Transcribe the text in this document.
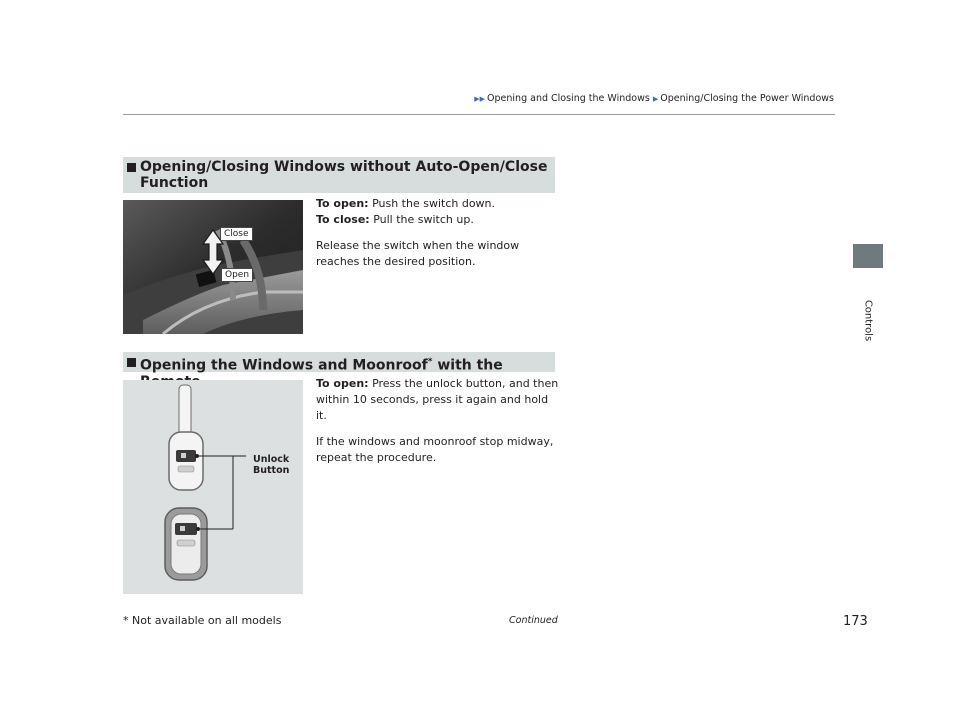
▶▶ Opening and Closing the Windows ▶ Opening/Closing the Power Windows
Controls
Opening/Closing Windows without Auto-Open/Close Function
Close
Open

To open: Push the switch down.

To close: Pull the switch up.

Release the switch when the window reaches the desired position.

Opening the Windows and Moonroof* with the
Unlock
Button

To open: Press the unlock button, and then within 10 seconds, press it again and hold it.

If the windows and moonroof stop midway, repeat the procedure.

* Not available on all models	Continued	173
